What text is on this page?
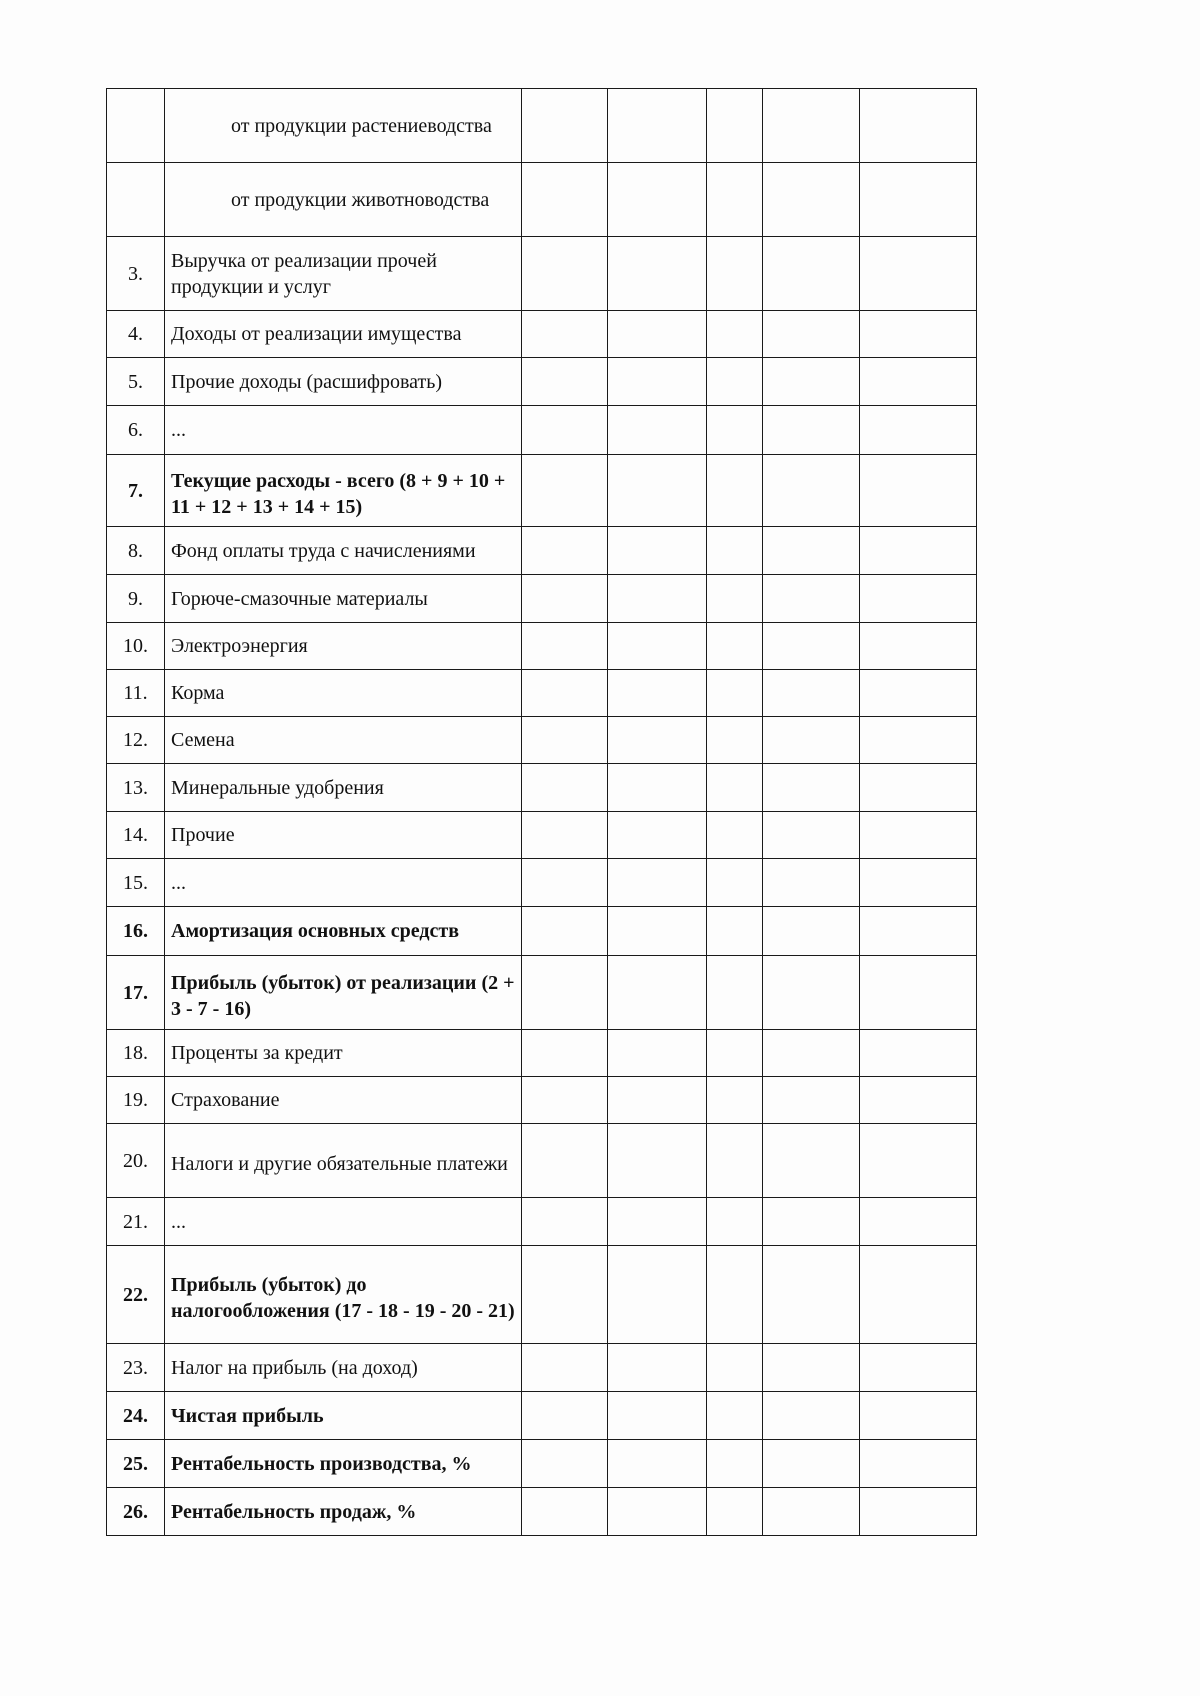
	от продукции растениеводства					
	от продукции животноводства					
3.	Выручка от реализации прочей продукции и услуг					
4.	Доходы от реализации имущества					
5.	Прочие доходы (расшифровать)					
6.	...					
7.	Текущие расходы - всего (8 + 9 + 10 + 11 + 12 + 13 + 14 + 15)					
8.	Фонд оплаты труда с начислениями					
9.	Горюче-смазочные материалы					
10.	Электроэнергия					
11.	Корма					
12.	Семена					
13.	Минеральные удобрения					
14.	Прочие					
15.	...					
16.	Амортизация основных средств					
17.	Прибыль (убыток) от реализации (2 + 3 - 7 - 16)					
18.	Проценты за кредит					
19.	Страхование					
20.	Налоги и другие обязательные платежи					
21.	...					
22.	Прибыль (убыток) до налогообложения (17 - 18 - 19 - 20 - 21)					
23.	Налог на прибыль (на доход)					
24.	Чистая прибыль					
25.	Рентабельность производства, %					
26.	Рентабельность продаж, %					
